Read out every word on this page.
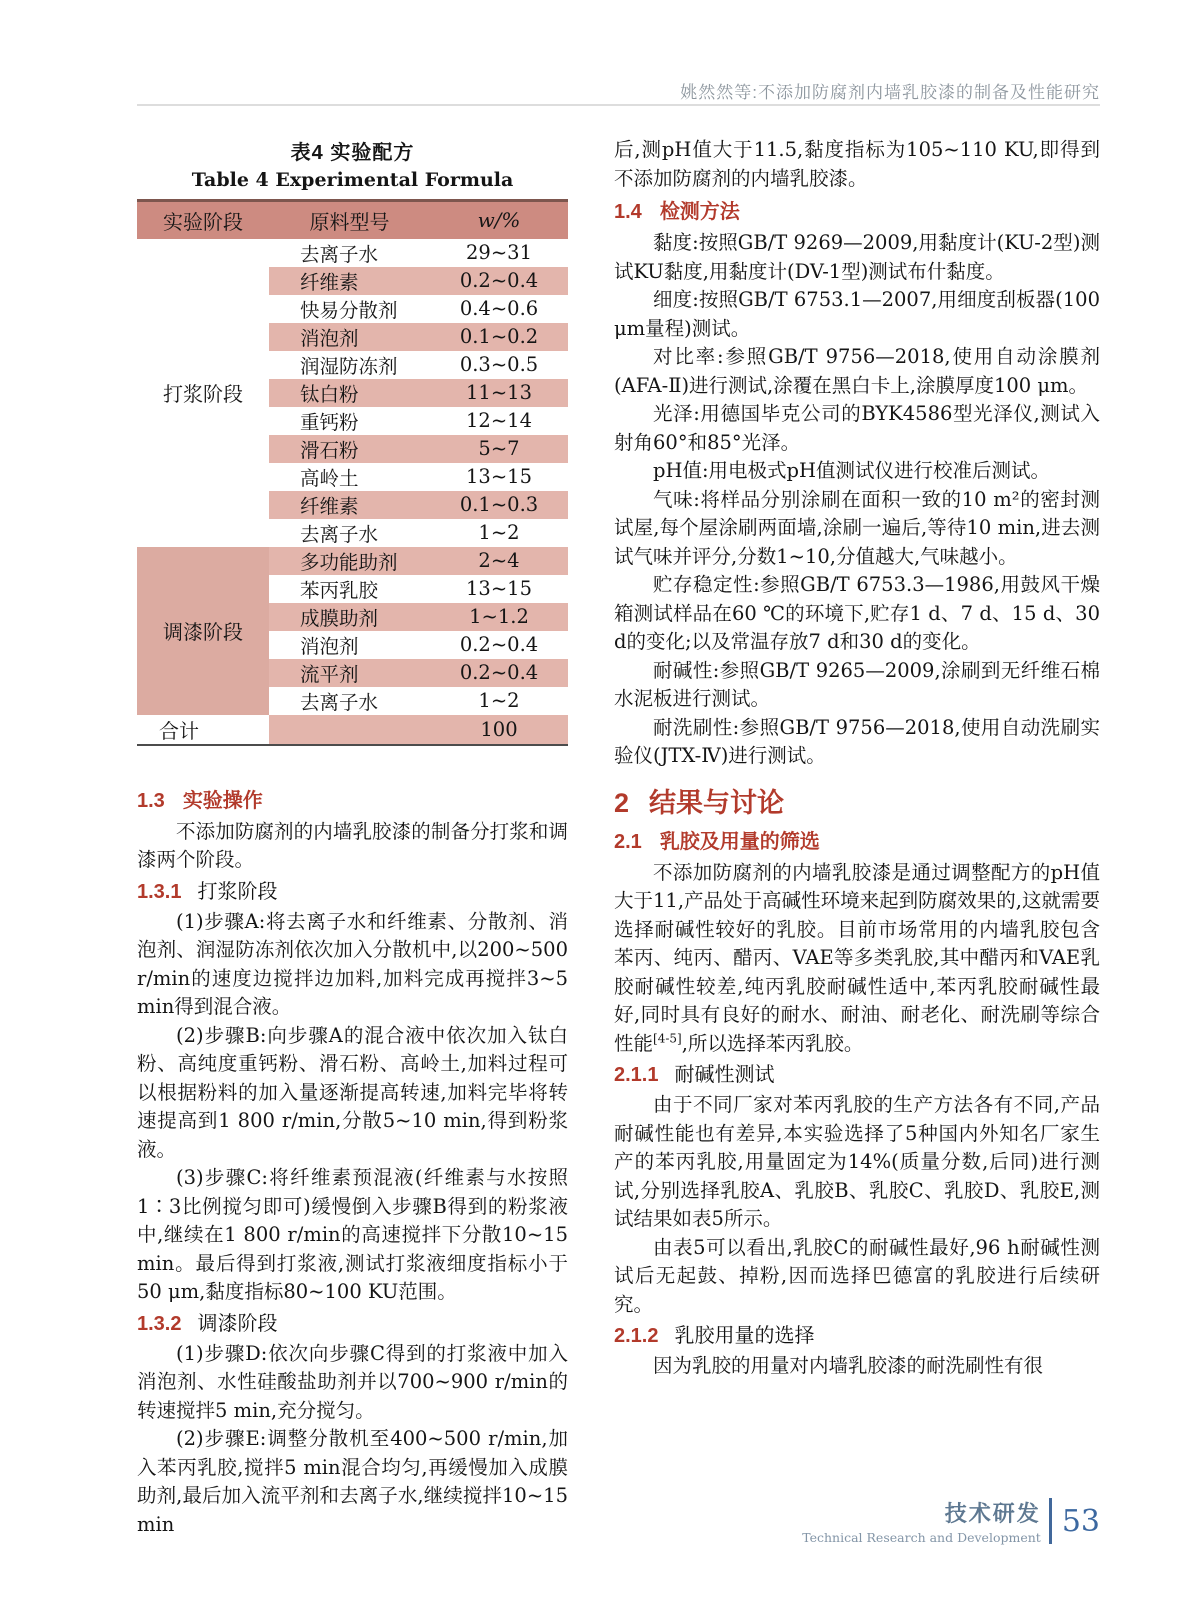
姚然然等:不添加防腐剂内墙乳胶漆的制备及性能研究
表4 实验配方
Table 4 Experimental Formula
实验阶段	原料型号	w/%
打浆阶段	去离子水	29~31
	纤维素	0.2~0.4
	快易分散剂	0.4~0.6
	消泡剂	0.1~0.2
	润湿防冻剂	0.3~0.5
	钛白粉	11~13
	重钙粉	12~14
	滑石粉	5~7
	高岭土	13~15
	纤维素	0.1~0.3
	去离子水	1~2
调漆阶段	多功能助剂	2~4
	苯丙乳胶	13~15
	成膜助剂	1~1.2
	消泡剂	0.2~0.4
	流平剂	0.2~0.4
	去离子水	1~2
合计		100
1.3 实验操作

不添加防腐剂的内墙乳胶漆的制备分打浆和调漆两个阶段。

1.3.1 打浆阶段

(1)步骤A:将去离子水和纤维素、分散剂、消泡剂、润湿防冻剂依次加入分散机中,以200~500 r/min的速度边搅拌边加料,加料完成再搅拌3~5 min得到混合液。

(2)步骤B:向步骤A的混合液中依次加入钛白粉、高纯度重钙粉、滑石粉、高岭土,加料过程可以根据粉料的加入量逐渐提高转速,加料完毕将转速提高到1 800 r/min,分散5~10 min,得到粉浆液。

(3)步骤C:将纤维素预混液(纤维素与水按照1∶3比例搅匀即可)缓慢倒入步骤B得到的粉浆液中,继续在1 800 r/min的高速搅拌下分散10~15 min。最后得到打浆液,测试打浆液细度指标小于50 μm,黏度指标80~100 KU范围。

1.3.2 调漆阶段

(1)步骤D:依次向步骤C得到的打浆液中加入消泡剂、水性硅酸盐助剂并以700~900 r/min的转速搅拌5 min,充分搅匀。

(2)步骤E:调整分散机至400~500 r/min,加入苯丙乳胶,搅拌5 min混合均匀,再缓慢加入成膜助剂,最后加入流平剂和去离子水,继续搅拌10~15 min

后,测pH值大于11.5,黏度指标为105~110 KU,即得到不添加防腐剂的内墙乳胶漆。

1.4 检测方法

黏度:按照GB/T 9269—2009,用黏度计(KU-2型)测试KU黏度,用黏度计(DV-1型)测试布什黏度。

细度:按照GB/T 6753.1—2007,用细度刮板器(100 μm量程)测试。

对比率:参照GB/T 9756—2018,使用自动涂膜剂(AFA-Ⅱ)进行测试,涂覆在黑白卡上,涂膜厚度100 μm。

光泽:用德国毕克公司的BYK4586型光泽仪,测试入射角60°和85°光泽。

pH值:用电极式pH值测试仪进行校准后测试。

气味:将样品分别涂刷在面积一致的10 m²的密封测试屋,每个屋涂刷两面墙,涂刷一遍后,等待10 min,进去测试气味并评分,分数1~10,分值越大,气味越小。

贮存稳定性:参照GB/T 6753.3—1986,用鼓风干燥箱测试样品在60 ℃的环境下,贮存1 d、7 d、15 d、30 d的变化;以及常温存放7 d和30 d的变化。

耐碱性:参照GB/T 9265—2009,涂刷到无纤维石棉水泥板进行测试。

耐洗刷性:参照GB/T 9756—2018,使用自动洗刷实验仪(JTX-Ⅳ)进行测试。

2 结果与讨论
2.1 乳胶及用量的筛选

不添加防腐剂的内墙乳胶漆是通过调整配方的pH值大于11,产品处于高碱性环境来起到防腐效果的,这就需要选择耐碱性较好的乳胶。目前市场常用的内墙乳胶包含苯丙、纯丙、醋丙、VAE等多类乳胶,其中醋丙和VAE乳胶耐碱性较差,纯丙乳胶耐碱性适中,苯丙乳胶耐碱性最好,同时具有良好的耐水、耐油、耐老化、耐洗刷等综合性能[4-5],所以选择苯丙乳胶。

2.1.1 耐碱性测试

由于不同厂家对苯丙乳胶的生产方法各有不同,产品耐碱性能也有差异,本实验选择了5种国内外知名厂家生产的苯丙乳胶,用量固定为14%(质量分数,后同)进行测试,分别选择乳胶A、乳胶B、乳胶C、乳胶D、乳胶E,测试结果如表5所示。

由表5可以看出,乳胶C的耐碱性最好,96 h耐碱性测试后无起鼓、掉粉,因而选择巴德富的乳胶进行后续研究。

2.1.2 乳胶用量的选择

因为乳胶的用量对内墙乳胶漆的耐洗刷性有很

技术研发
Technical Research and Development 53
